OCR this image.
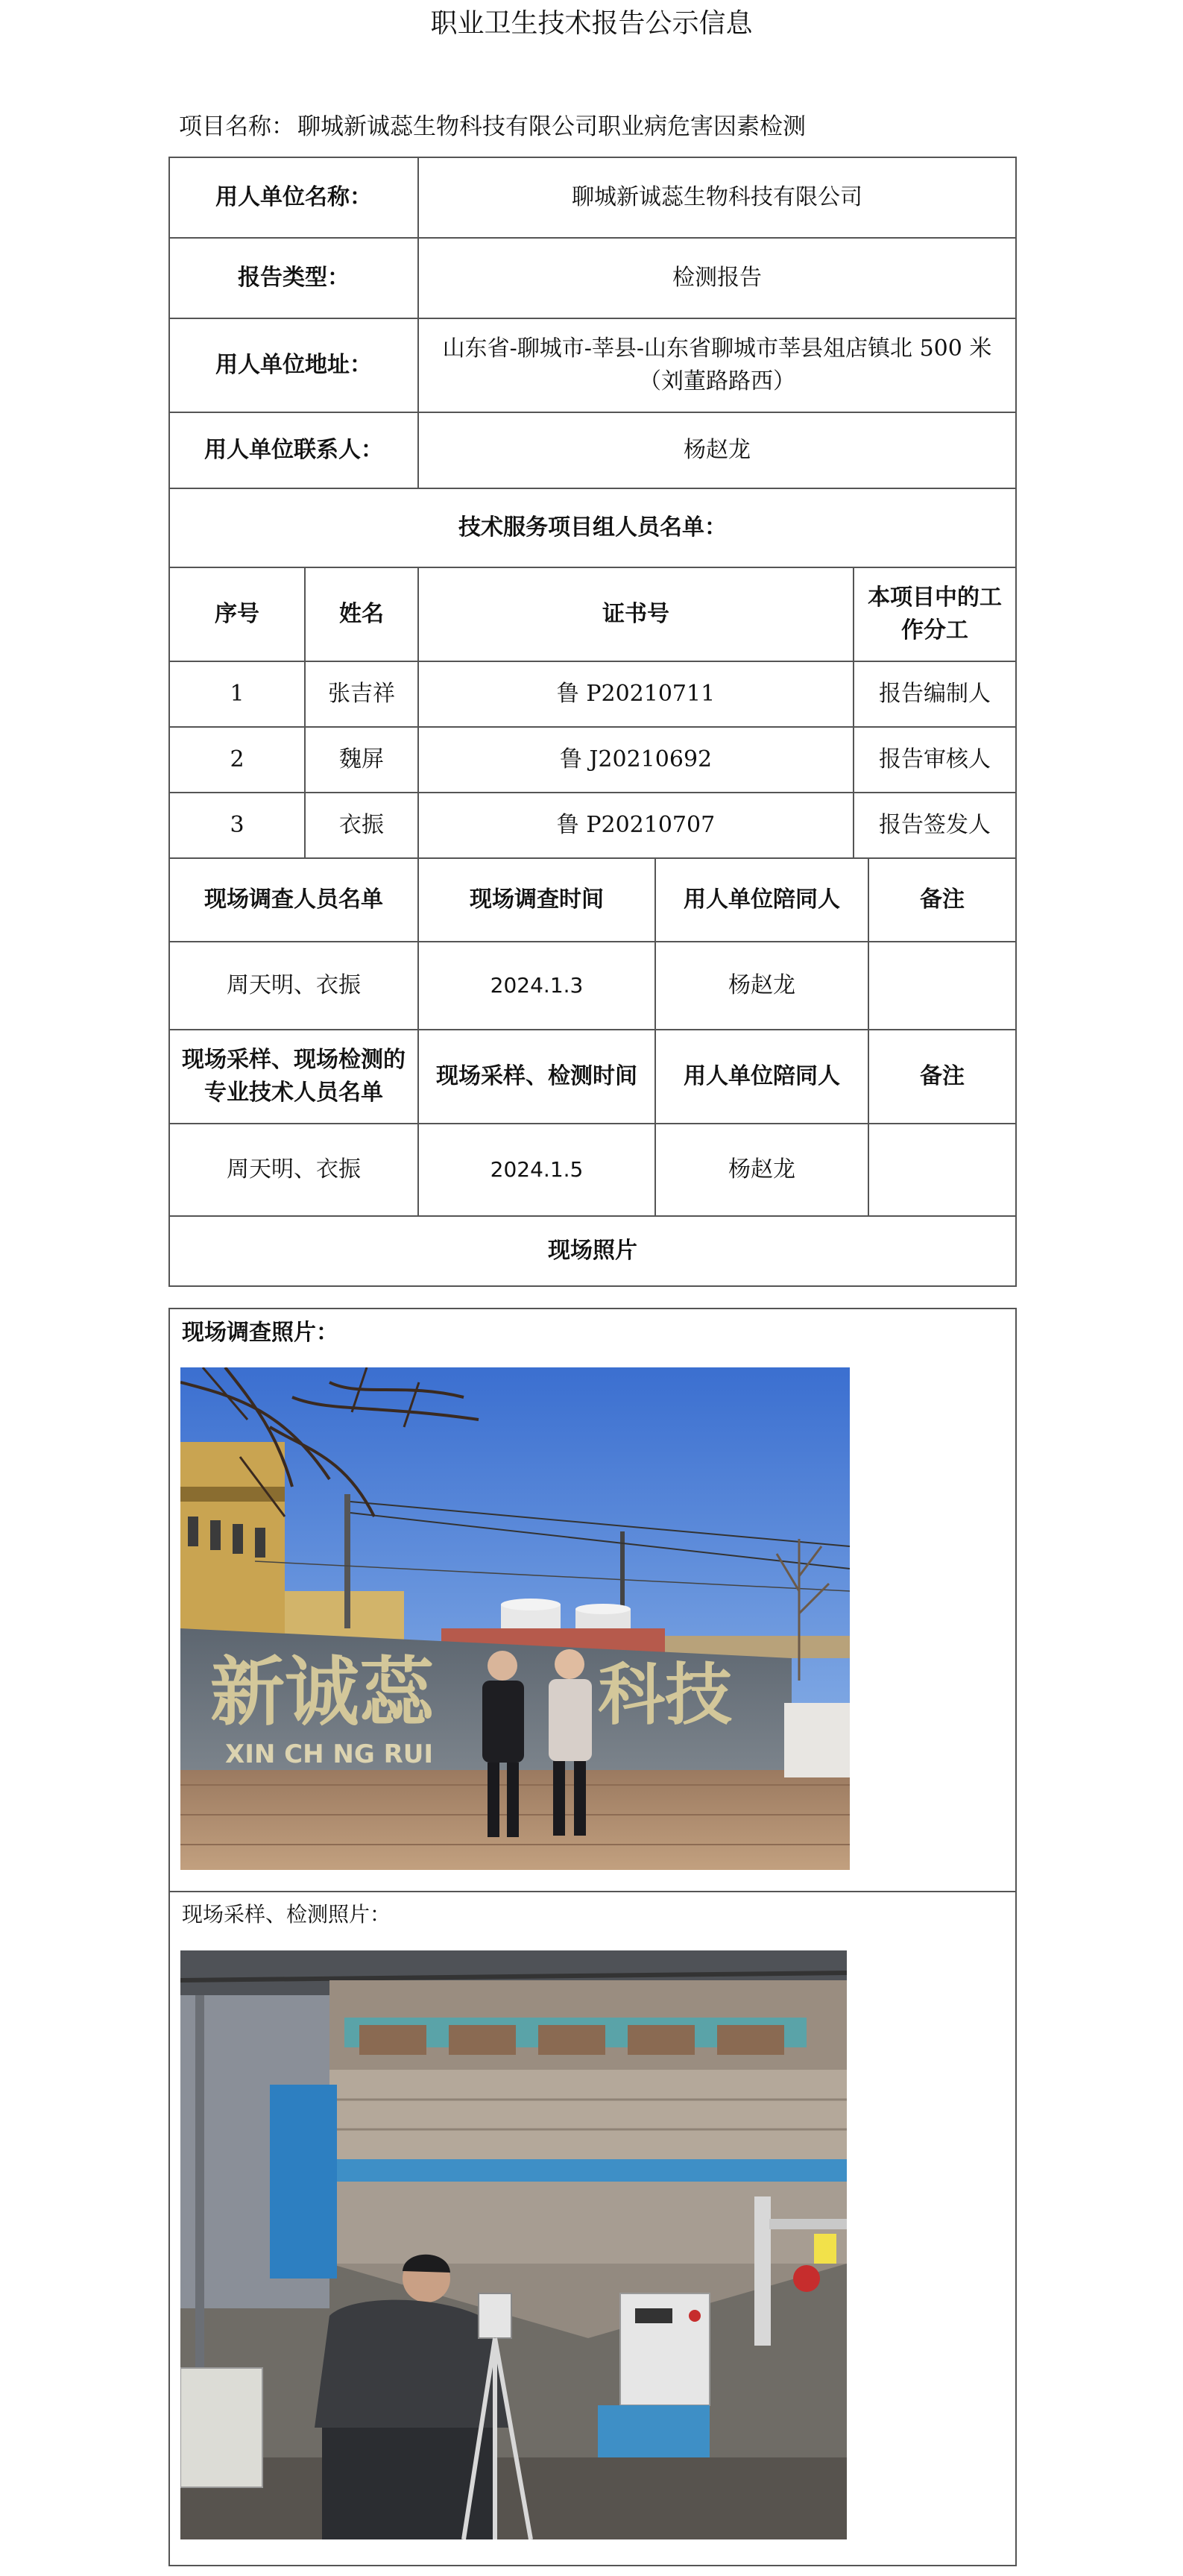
职业卫生技术报告公示信息
项目名称： 聊城新诚蕊生物科技有限公司职业病危害因素检测
用人单位名称：		聊城新诚蕊生物科技有限公司			
报告类型：		检测报告			
用人单位地址：		山东省-聊城市-莘县-山东省聊城市莘县俎店镇北 500 米（刘董路路西）			
用人单位联系人：		杨赵龙			
技术服务项目组人员名单：					
序号	姓名	证书号		本项目中的工作分工	
1	张吉祥	鲁 P20210711		报告编制人	
2	魏屏	鲁 J20210692		报告审核人	
3	衣振	鲁 P20210707		报告签发人	
现场调查人员名单		现场调查时间	用人单位陪同人		备注
周天明、衣振		2024.1.3	杨赵龙		
现场采样、现场检测的专业技术人员名单		现场采样、检测时间	用人单位陪同人		备注
周天明、衣振		2024.1.5	杨赵龙		
现场照片					
现场调查照片：
新诚蕊 科技
XIN CH NG RUI
现场采样、检测照片：
